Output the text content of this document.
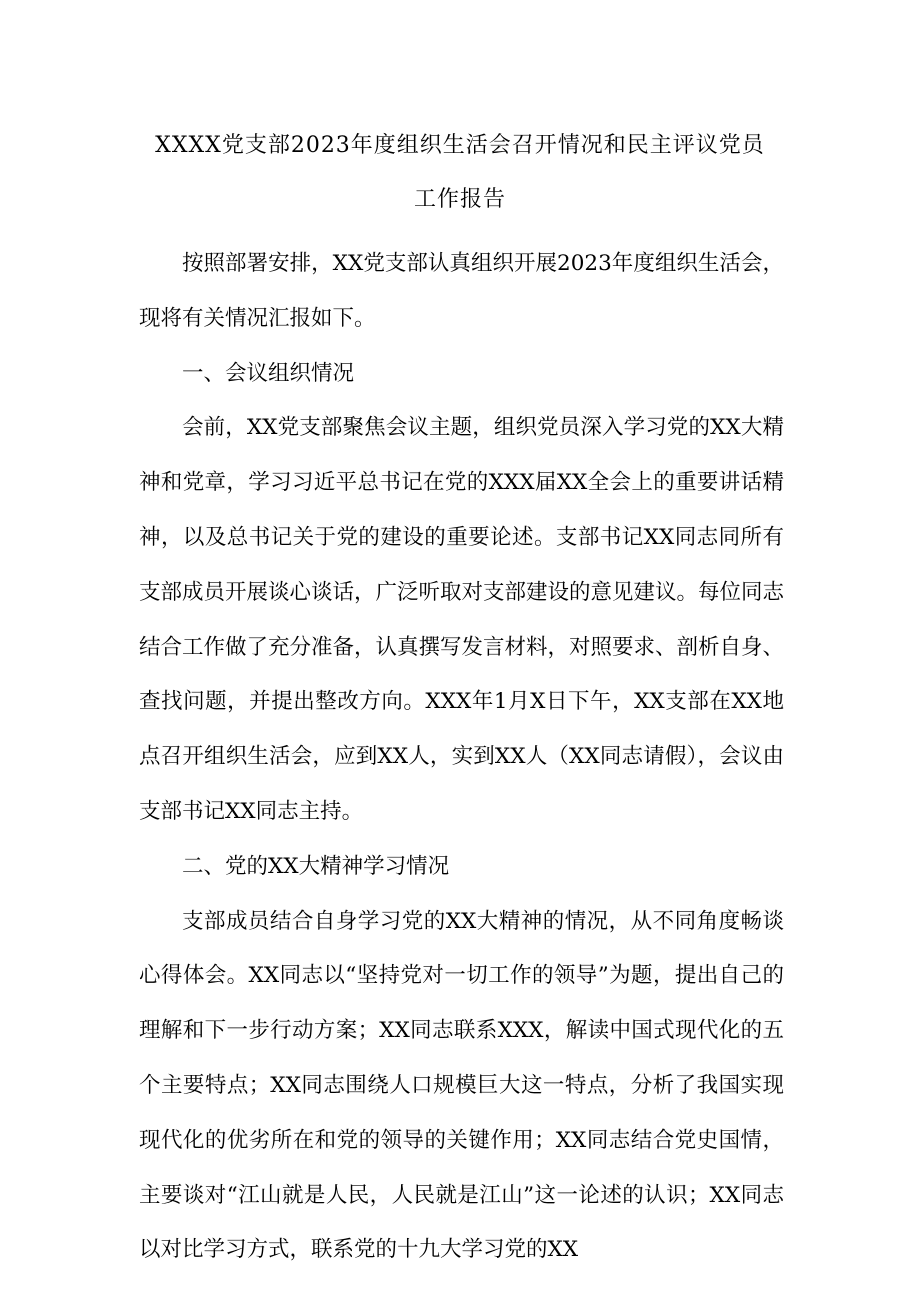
XXXX党支部2023年度组织生活会召开情况和民主评议党员
工作报告

按照部署安排，XX党支部认真组织开展2023年度组织生活会，现将有关情况汇报如下。

一、会议组织情况

会前，XX党支部聚焦会议主题，组织党员深入学习党的XX大精神和党章，学习习近平总书记在党的XXX届XX全会上的重要讲话精神，以及总书记关于党的建设的重要论述。支部书记XX同志同所有支部成员开展谈心谈话，广泛听取对支部建设的意见建议。每位同志结合工作做了充分准备，认真撰写发言材料，对照要求、剖析自身、查找问题，并提出整改方向。XXX年1月X日下午，XX支部在XX地点召开组织生活会，应到XX人，实到XX人（XX同志请假），会议由支部书记XX同志主持。

二、党的XX大精神学习情况

支部成员结合自身学习党的XX大精神的情况，从不同角度畅谈心得体会。XX同志以“坚持党对一切工作的领导”为题，提出自己的理解和下一步行动方案；XX同志联系XXX，解读中国式现代化的五个主要特点；XX同志围绕人口规模巨大这一特点，分析了我国实现现代化的优劣所在和党的领导的关键作用；XX同志结合党史国情，主要谈对“江山就是人民，人民就是江山”这一论述的认识；XX同志以对比学习方式，联系党的十九大学习党的XX
